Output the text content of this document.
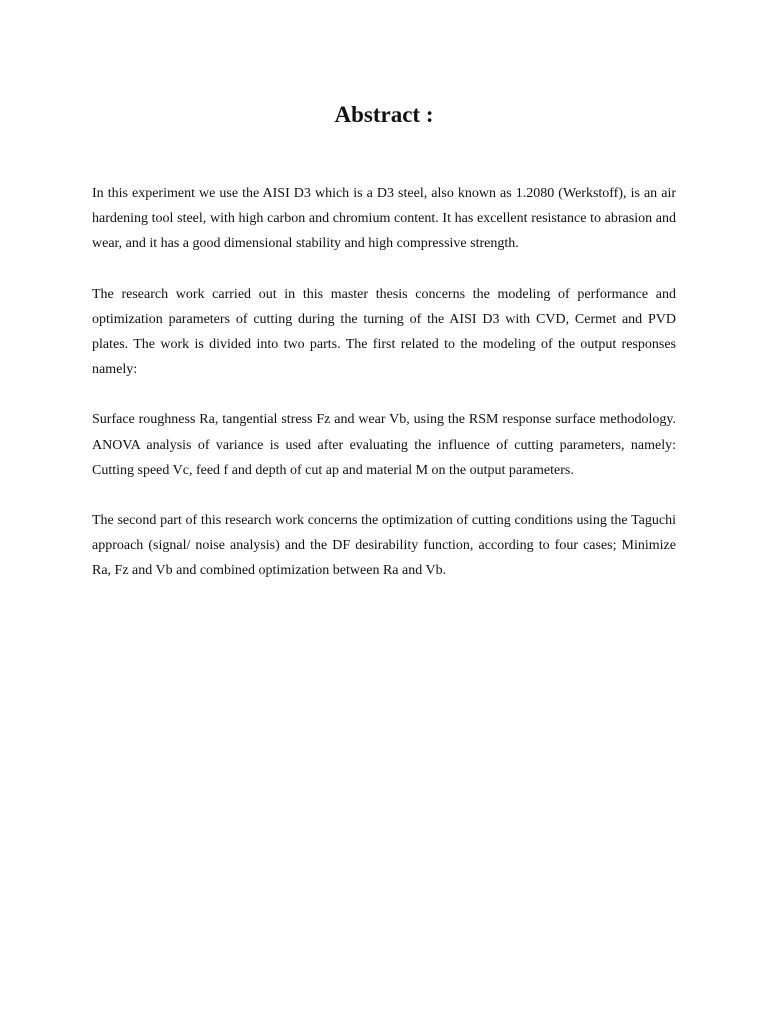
Abstract :

In this experiment we use the AISI D3 which is a D3 steel, also known as 1.2080 (Werkstoff), is an air hardening tool steel, with high carbon and chromium content. It has excellent resistance to abrasion and wear, and it has a good dimensional stability and high compressive strength.

The research work carried out in this master thesis concerns the modeling of performance and optimization parameters of cutting during the turning of the AISI D3 with CVD, Cermet and PVD plates. The work is divided into two parts. The first related to the modeling of the output responses namely:

Surface roughness Ra, tangential stress Fz and wear Vb, using the RSM response surface methodology. ANOVA analysis of variance is used after evaluating the influence of cutting parameters, namely: Cutting speed Vc, feed f and depth of cut ap and material M on the output parameters.

The second part of this research work concerns the optimization of cutting conditions using the Taguchi approach (signal/ noise analysis) and the DF desirability function, according to four cases; Minimize Ra, Fz and Vb and combined optimization between Ra and Vb.
